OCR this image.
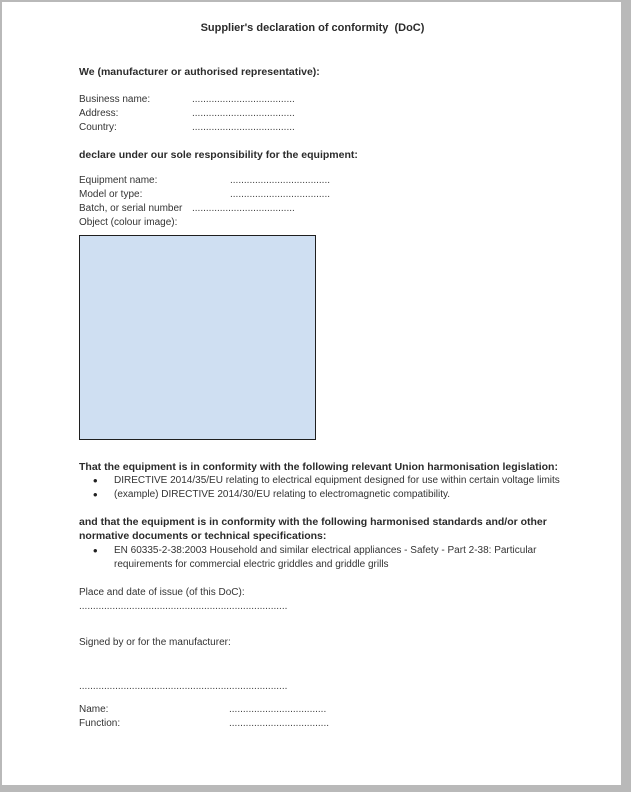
Supplier's declaration of conformity  (DoC)
We (manufacturer or authorised representative):
Business name:	.....................................
Address:	.....................................
Country:	.....................................
declare under our sole responsibility for the equipment:
Equipment name:	....................................
Model or type:	....................................
Batch, or serial number .....................................
Object (colour image):
That the equipment is in conformity with the following relevant Union harmonisation legislation:
•
DIRECTIVE 2014/35/EU relating to electrical equipment designed for use within certain voltage limits
•
(example) DIRECTIVE 2014/30/EU relating to electromagnetic compatibility.
and that the equipment is in conformity with the following harmonised standards and/or other normative documents or technical specifications:
•
EN 60335-2-38:2003 Household and similar electrical appliances - Safety - Part 2-38: Particular requirements for commercial electric griddles and griddle grills
Place and date of issue (of this DoC):
...........................................................................
Signed by or for the manufacturer:
...........................................................................
Name:	...................................
Function:	....................................
